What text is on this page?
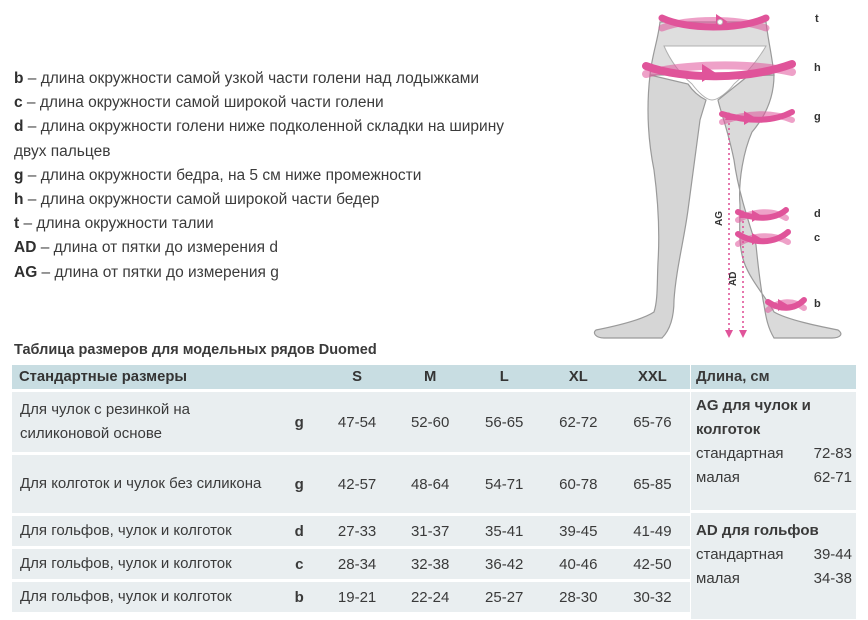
b – длина окружности самой узкой части голени над лодыжками
c – длина окружности самой широкой части голени
d – длина окружности голени ниже подколенной складки на ширину
двух пальцев
g – длина окружности бедра, на 5 см ниже промежности
h – длина окружности самой широкой части бедер
t – длина окружности талии
AD – длина от пятки до измерения d
AG – длина от пятки до измерения g
t
h
g
d
c
b
AG
AD
Таблица размеров для модельных рядов Duomed
Стандартные размеры		S	M	L	XL	XXL
Для чулок с резинкой на силиконовой основе	g	47-54	52-60	56-65	62-72	65-76
Для колготок и чулок без силикона	g	42-57	48-64	54-71	60-78	65-85
Для гольфов, чулок и колготок	d	27-33	31-37	35-41	39-45	41-49
Для гольфов, чулок и колготок	c	28-34	32-38	36-42	40-46	42-50
Для гольфов, чулок и колготок	b	19-21	22-24	25-27	28-30	30-32
Длина, см
AG для чулок и колготок
стандартная 72-83
малая	62-71
AD для гольфов
стандартная 39-44
малая	34-38
